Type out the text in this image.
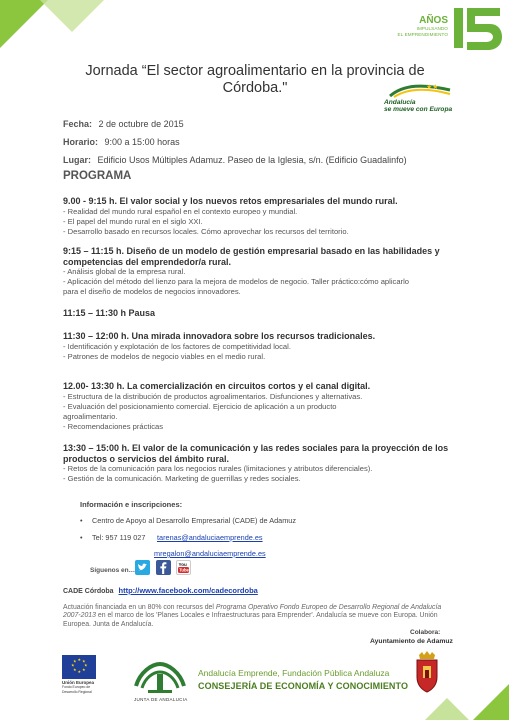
AÑOS
IMPULSANDO
EL EMPRENDIMIENTO
Jornada “El sector agroalimentario en la provincia de
Córdoba."	★★
Andalucía
se mueve con Europa
Fecha: 2 de octubre de 2015
Horario: 9:00 a 15:00 horas
Lugar: Edificio Usos Múltiples Adamuz. Paseo de la Iglesia, s/n. (Edificio Guadalinfo)
PROGRAMA
9.00 - 9:15 h. El valor social y los nuevos retos empresariales del mundo rural.
- Realidad del mundo rural español en el contexto europeo y mundial.
- El papel del mundo rural en el siglo XXI.
- Desarrollo basado en recursos locales. Cómo aprovechar los recursos del territorio.
9:15 – 11:15 h. Diseño de un modelo de gestión empresarial basado en las habilidades y
competencias del emprendedor/a rural.
- Análisis global de la empresa rural.
- Aplicación del método del lienzo para la mejora de modelos de negocio. Taller práctico:cómo aplicarlo
para el diseño de modelos de negocios innovadores.
11:15 – 11:30 h Pausa
11:30 – 12:00 h. Una mirada innovadora sobre los recursos tradicionales.
- Identificación y explotación de los factores de competitividad local.
- Patrones de modelos de negocio viables en el medio rural.
12.00- 13:30 h. La comercialización en circuitos cortos y el canal digital.
- Estructura de la distribución de productos agroalimentarios. Disfunciones y alternativas.
- Evaluación del posicionamiento comercial. Ejercicio de aplicación a un producto
agroalimentario.
- Recomendaciones prácticas
13:30 – 15:00 h. El valor de la comunicación y las redes sociales para la proyección de los
productos o servicios del ámbito rural.
- Retos de la comunicación para los negocios rurales (limitaciones y atributos diferenciales).
- Gestión de la comunicación. Marketing de guerrillas y redes sociales.
Información e inscripciones:
• Centro de Apoyo al Desarrollo Empresarial (CADE) de Adamuz
• Tel: 957 119 027 tarenas@andaluciaemprende.es
mregalon@andaluciaemprende.es
Síguenos en…
You
Tube
CADE Córdoba http://www.facebook.com/cadecordoba
Actuación financiada en un 80% con recursos del Programa Operativo Fondo Europeo de Desarrollo Regional de Andalucía 2007-2013 en el marco de los 'Planes Locales e Infraestructuras para Emprender'. Andalucía se mueve con Europa. Unión Europea. Junta de Andalucía.
Colabora:
Ayuntamiento de Adamuz
★ ★
★
★
★
★
★
★
Unión Europea
Fondo Europeo de Desarrollo Regional
JUNTA DE ANDALUCIA
Andalucía Emprende, Fundación Pública Andaluza
CONSEJERÍA DE ECONOMÍA Y CONOCIMIENTO
